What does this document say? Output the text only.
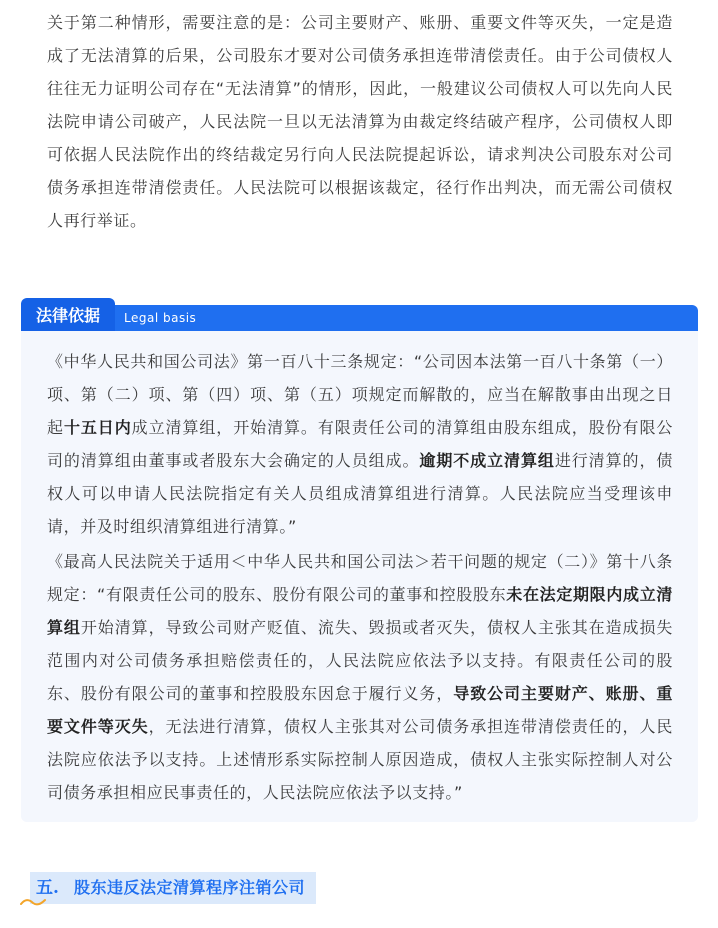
关于第二种情形，需要注意的是：公司主要财产、账册、重要文件等灭失，一定是造成了无法清算的后果，公司股东才要对公司债务承担连带清偿责任。由于公司债权人往往无力证明公司存在“无法清算”的情形，因此，一般建议公司债权人可以先向人民法院申请公司破产，人民法院一旦以无法清算为由裁定终结破产程序，公司债权人即可依据人民法院作出的终结裁定另行向人民法院提起诉讼，请求判决公司股东对公司债务承担连带清偿责任。人民法院可以根据该裁定，径行作出判决，而无需公司债权人再行举证。

法律依据	Legal basis

《中华人民共和国公司法》第一百八十三条规定：“公司因本法第一百八十条第（一）项、第（二）项、第（四）项、第（五）项规定而解散的，应当在解散事由出现之日起十五日内成立清算组，开始清算。有限责任公司的清算组由股东组成，股份有限公司的清算组由董事或者股东大会确定的人员组成。逾期不成立清算组进行清算的，债权人可以申请人民法院指定有关人员组成清算组进行清算。人民法院应当受理该申请，并及时组织清算组进行清算。”

《最高人民法院关于适用＜中华人民共和国公司法＞若干问题的规定（二）》第十八条规定：“有限责任公司的股东、股份有限公司的董事和控股股东未在法定期限内成立清算组开始清算，导致公司财产贬值、流失、毁损或者灭失，债权人主张其在造成损失范围内对公司债务承担赔偿责任的，人民法院应依法予以支持。有限责任公司的股东、股份有限公司的董事和控股股东因怠于履行义务，导致公司主要财产、账册、重要文件等灭失，无法进行清算，债权人主张其对公司债务承担连带清偿责任的，人民法院应依法予以支持。上述情形系实际控制人原因造成，债权人主张实际控制人对公司债务承担相应民事责任的，人民法院应依法予以支持。”

五. 股东违反法定清算程序注销公司
